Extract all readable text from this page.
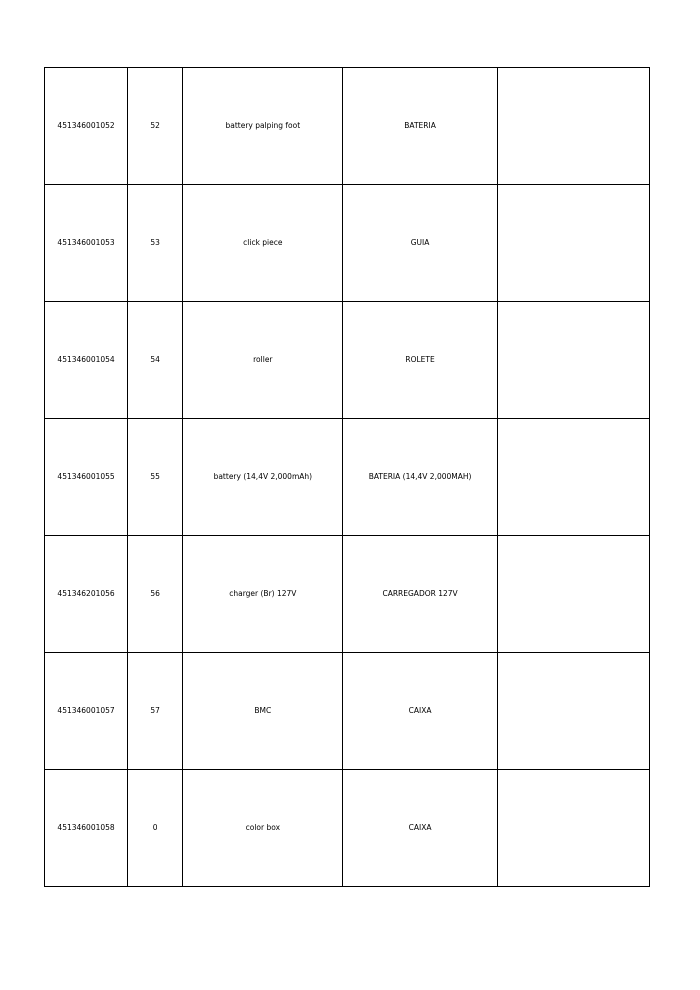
451346001052	52	battery palping foot	BATERIA	
451346001053	53	click piece	GUIA	
451346001054	54	roller	ROLETE	
451346001055	55	battery (14,4V 2,000mAh)	BATERIA (14,4V 2,000MAH)	
451346201056	56	charger (Br) 127V	CARREGADOR 127V	
451346001057	57	BMC	CAIXA	
451346001058	0	color box	CAIXA	
